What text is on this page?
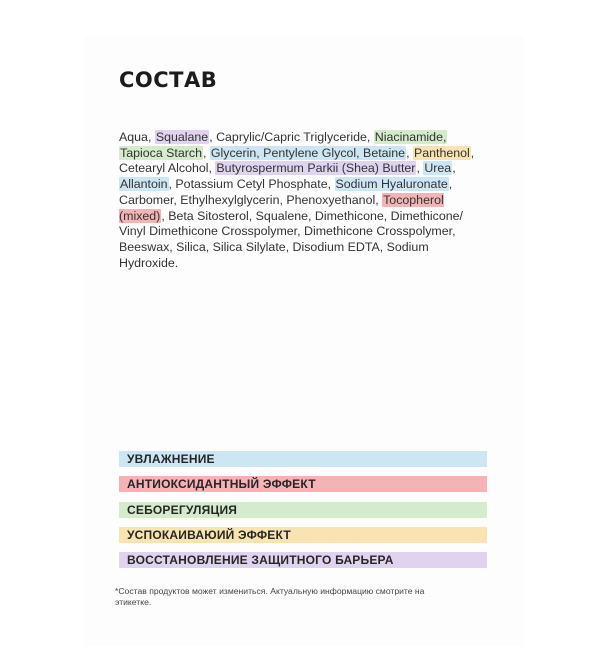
СОСТАВ
Aqua, Squalane, Caprylic/Capric Triglyceride, Niacinamide, Tapioca Starch, Glycerin, Pentylene Glycol, Betaine, Panthenol, Cetearyl Alcohol, Butyrospermum Parkii (Shea) Butter, Urea, Allantoin, Potassium Cetyl Phosphate, Sodium Hyaluronate, Carbomer, Ethylhexylglycerin, Phenoxyethanol, Tocopherol (mixed), Beta Sitosterol, Squalene, Dimethicone, Dimethicone/ Vinyl Dimethicone Crosspolymer, Dimethicone Crosspolymer, Beeswax, Silica, Silica Silylate, Disodium EDTA, Sodium Hydroxide.
УВЛАЖНЕНИЕ
АНТИОКСИДАНТНЫЙ ЭФФЕКТ
СЕБОРЕГУЛЯЦИЯ
УСПОКАИВАЮИЙ ЭФФЕКТ
ВОССТАНОВЛЕНИЕ ЗАЩИТНОГО БАРЬЕРА
*Состав продуктов может измениться. Актуальную информацию смотрите на этикетке.
